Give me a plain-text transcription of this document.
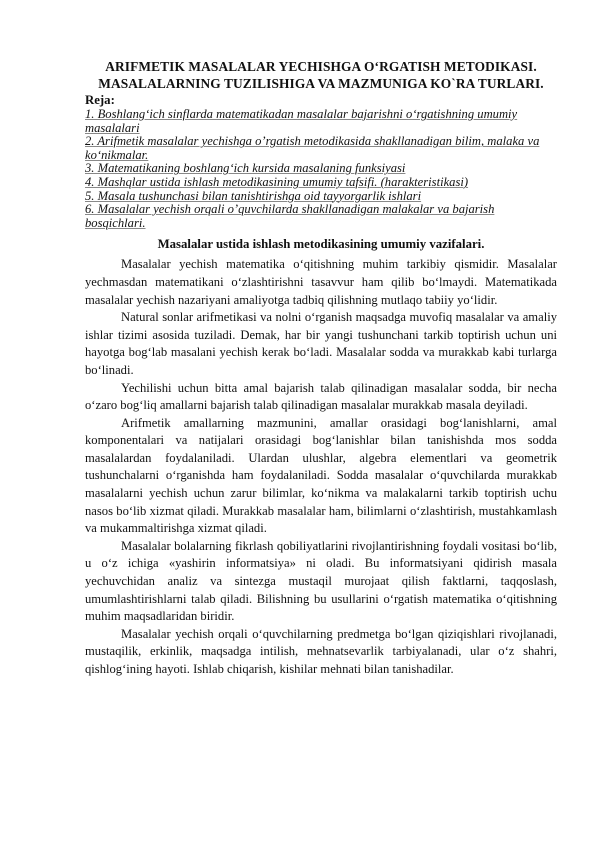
ARIFMETIK MASALALAR YECHISHGA O‘RGATISH METODIKASI.
MASALALARNING TUZILISHIGA VA MAZMUNIGA KO`RA TURLARI.
Reja:
1. Boshlang‘ich sinflarda matematikadan masalalar bajarishni o‘rgatishning umumiy masalalari
2. Arifmetik masalalar yechishga o’rgatish metodikasida shakllanadigan bilim, malaka va ko‘nikmalar.
3. Matematikaning boshlang‘ich kursida masalaning funksiyasi
4. Mashqlar ustida ishlash metodikasining umumiy tafsifi. (harakteristikasi)
5. Masala tushunchasi bilan tanishtirishga oid tayyorgarlik ishlari
6. Masalalar yechish orqali o’quvchilarda shakllanadigan malakalar va bajarish bosqichlari.
Masalalar ustida ishlash metodikasining umumiy vazifalari.

Masalalar yechish matematika o‘qitishning muhim tarkibiy qismidir. Masalalar yechmasdan matematikani o‘zlashtirishni tasavvur ham qilib bo‘lmaydi. Matematikada masalalar yechish nazariyani amaliyotga tadbiq qilishning mutlaqo tabiiy yo‘lidir.

Natural sonlar arifmetikasi va nolni o‘rganish maqsadga muvofiq masalalar va amaliy ishlar tizimi asosida tuziladi. Demak, har bir yangi tushunchani tarkib toptirish uchun uni hayotga bog‘lab masalani yechish kerak bo‘ladi. Masalalar sodda va murakkab kabi turlarga bo‘linadi.

Yechilishi uchun bitta amal bajarish talab qilinadigan masalalar sodda, bir necha o‘zaro bog‘liq amallarni bajarish talab qilinadigan masalalar murakkab masala deyiladi.

Arifmetik amallarning mazmunini, amallar orasidagi bog‘lanishlarni, amal komponentalari va natijalari orasidagi bog‘lanishlar bilan tanishishda mos sodda masalalardan foydalaniladi. Ulardan ulushlar, algebra elementlari va geometrik tushunchalarni o‘rganishda ham foydalaniladi. Sodda masalalar o‘quvchilarda murakkab masalalarni yechish uchun zarur bilimlar, ko‘nikma va malakalarni tarkib toptirish uchu nasos bo‘lib xizmat qiladi. Murakkab masalalar ham, bilimlarni o‘zlashtirish, mustahkamlash va mukammaltirishga xizmat qiladi.

Masalalar bolalarning fikrlash qobiliyatlarini rivojlantirishning foydali vositasi bo‘lib, u o‘z ichiga «yashirin informatsiya» ni oladi. Bu informatsiyani qidirish masala yechuvchidan analiz va sintezga mustaqil murojaat qilish faktlarni, taqqoslash, umumlashtirishlarni talab qiladi. Bilishning bu usullarini o‘rgatish matematika o‘qitishning muhim maqsadlaridan biridir.

Masalalar yechish orqali o‘quvchilarning predmetga bo‘lgan qiziqishlari rivojlanadi, mustaqilik, erkinlik, maqsadga intilish, mehnatsevarlik tarbiyalanadi, ular o‘z shahri, qishlog‘ining hayoti. Ishlab chiqarish, kishilar mehnati bilan tanishadilar.
